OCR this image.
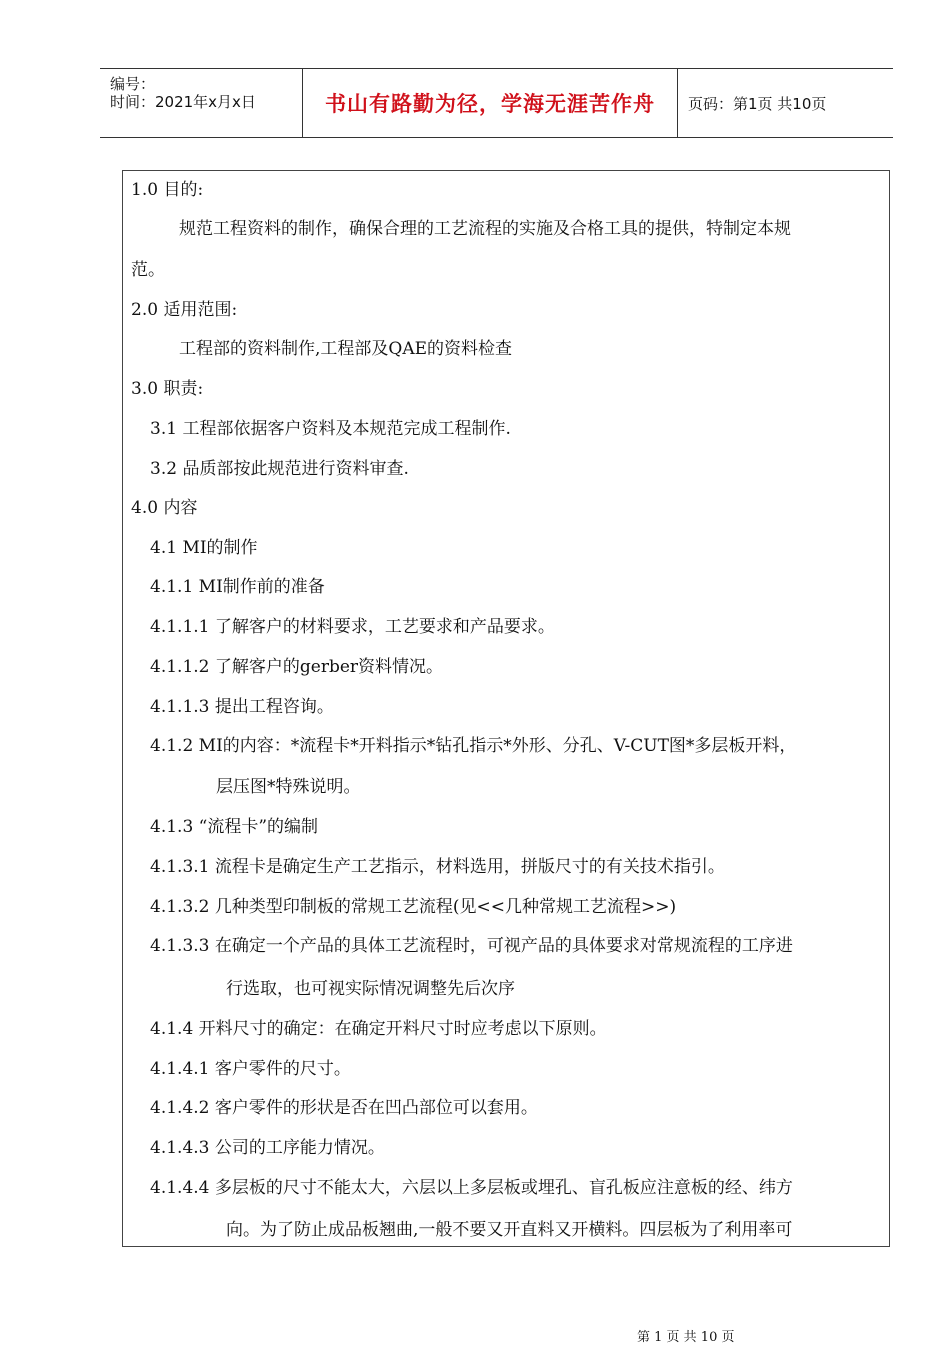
编号：
时间：2021年x月x日	书山有路勤为径，学海无涯苦作舟 页码：第1页 共10页
1.0 目的:
规范工程资料的制作，确保合理的工艺流程的实施及合格工具的提供，特制定本规
范。
2.0 适用范围:
工程部的资料制作,工程部及QAE的资料检查
3.0 职责:
3.1 工程部依据客户资料及本规范完成工程制作.
3.2 品质部按此规范进行资料审查.
4.0 内容
4.1 MI的制作
4.1.1 MI制作前的准备
4.1.1.1 了解客户的材料要求，工艺要求和产品要求。
4.1.1.2 了解客户的gerber资料情况。
4.1.1.3 提出工程咨询。
4.1.2 MI的内容：*流程卡*开料指示*钻孔指示*外形、分孔、V-CUT图*多层板开料，
层压图*特殊说明。
4.1.3 “流程卡”的编制
4.1.3.1 流程卡是确定生产工艺指示，材料选用，拼版尺寸的有关技术指引。
4.1.3.2 几种类型印制板的常规工艺流程(见<<几种常规工艺流程>>)
4.1.3.3 在确定一个产品的具体工艺流程时，可视产品的具体要求对常规流程的工序进
行选取，也可视实际情况调整先后次序
4.1.4 开料尺寸的确定：在确定开料尺寸时应考虑以下原则。
4.1.4.1 客户零件的尺寸。
4.1.4.2 客户零件的形状是否在凹凸部位可以套用。
4.1.4.3 公司的工序能力情况。
4.1.4.4 多层板的尺寸不能太大，六层以上多层板或埋孔、盲孔板应注意板的经、纬方
向。为了防止成品板翘曲,一般不要又开直料又开横料。四层板为了利用率可
第 1 页 共 10 页
